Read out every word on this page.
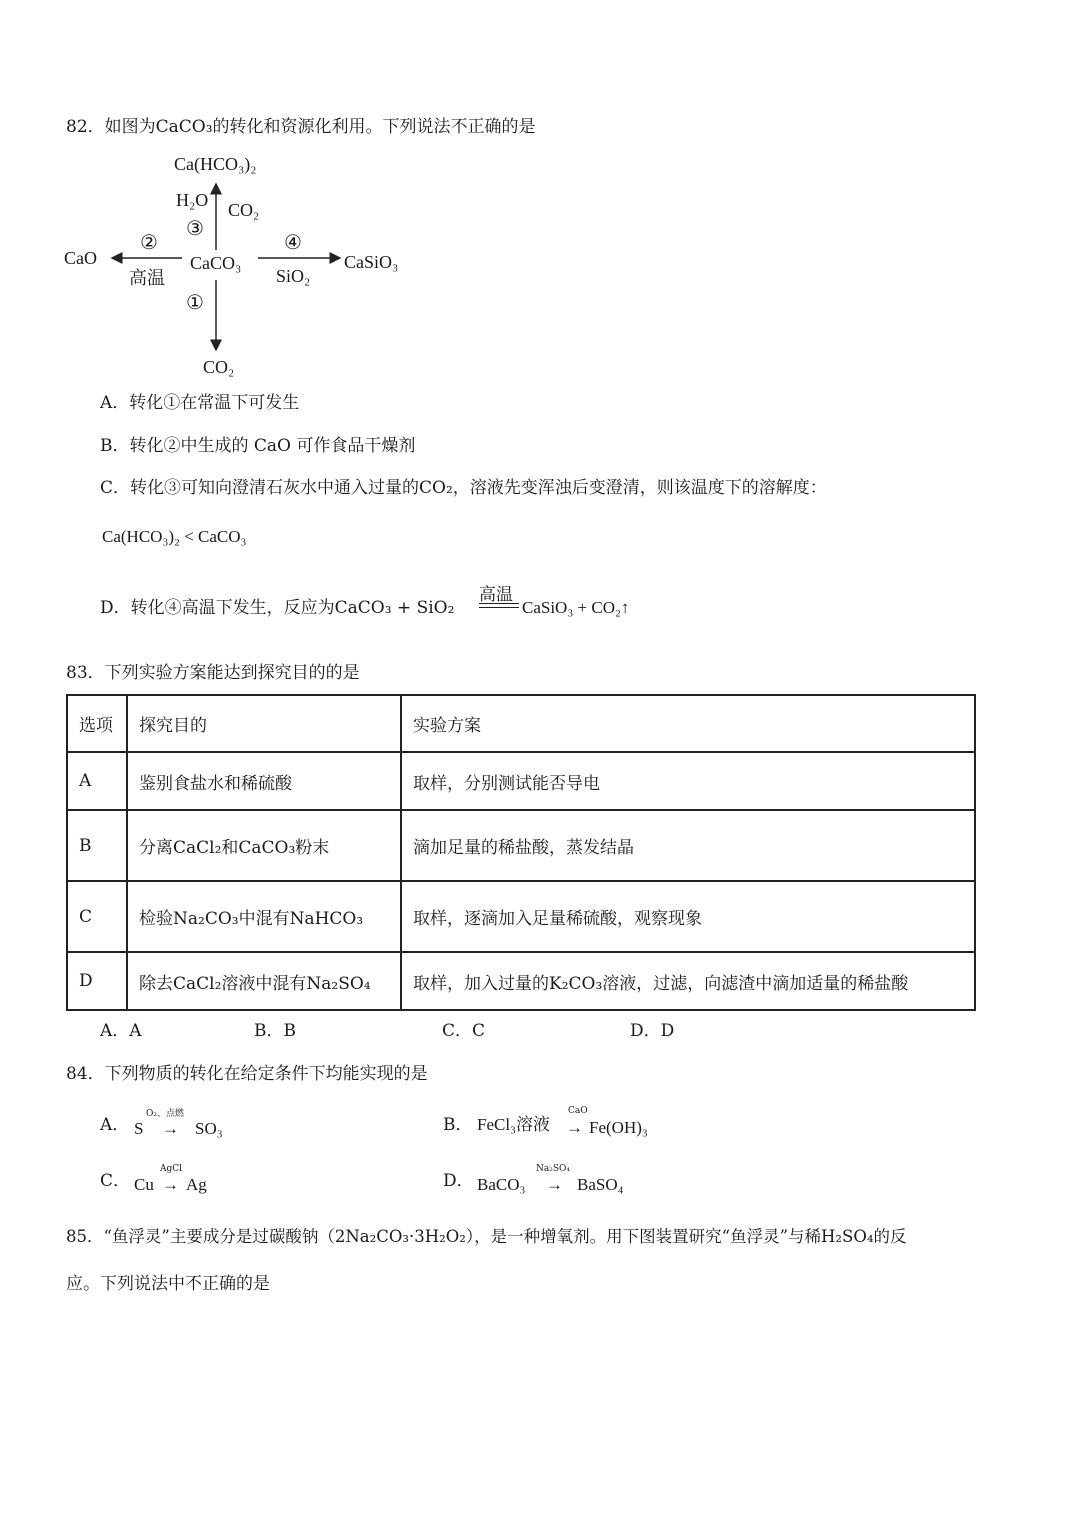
82．如图为CaCO₃的转化和资源化利用。下列说法不正确的是
Ca(HCO₃)₂
H₂O
③
CO₂
CaO
②
高温
CaCO₃
④
SiO₂
CaSiO₃
①
CO₂
A．转化①在常温下可发生
B．转化②中生成的 CaO 可作食品干燥剂
C．转化③可知向澄清石灰水中通入过量的CO₂，溶液先变浑浊后变澄清，则该温度下的溶解度：
Ca(HCO₃)₂ < CaCO₃
D．转化④高温下发生，反应为CaCO₃ + SiO₂
高温
CaSiO₃ + CO₂↑
83．下列实验方案能达到探究目的的是
选项	探究目的	实验方案
A	鉴别食盐水和稀硫酸	取样，分别测试能否导电
B	分离CaCl₂和CaCO₃粉末	滴加足量的稀盐酸，蒸发结晶
C	检验Na₂CO₃中混有NaHCO₃	取样，逐滴加入足量稀硫酸，观察现象
D	除去CaCl₂溶液中混有Na₂SO₄	取样，加入过量的K₂CO₃溶液，过滤，向滤渣中滴加适量的稀盐酸
A．A	B．B	C．C	D．D
84．下列物质的转化在给定条件下均能实现的是
A． S
O₂、点燃
→ SO₃	B． FeCl₃溶液
CaO
→ Fe(OH)₃
C． Cu
AgCl
→ Ag	D． BaCO₃
Na₂SO₄
→ BaSO₄
85．“鱼浮灵”主要成分是过碳酸钠（2Na₂CO₃·3H₂O₂），是一种增氧剂。用下图装置研究“鱼浮灵”与稀H₂SO₄的反
应。下列说法中不正确的是
